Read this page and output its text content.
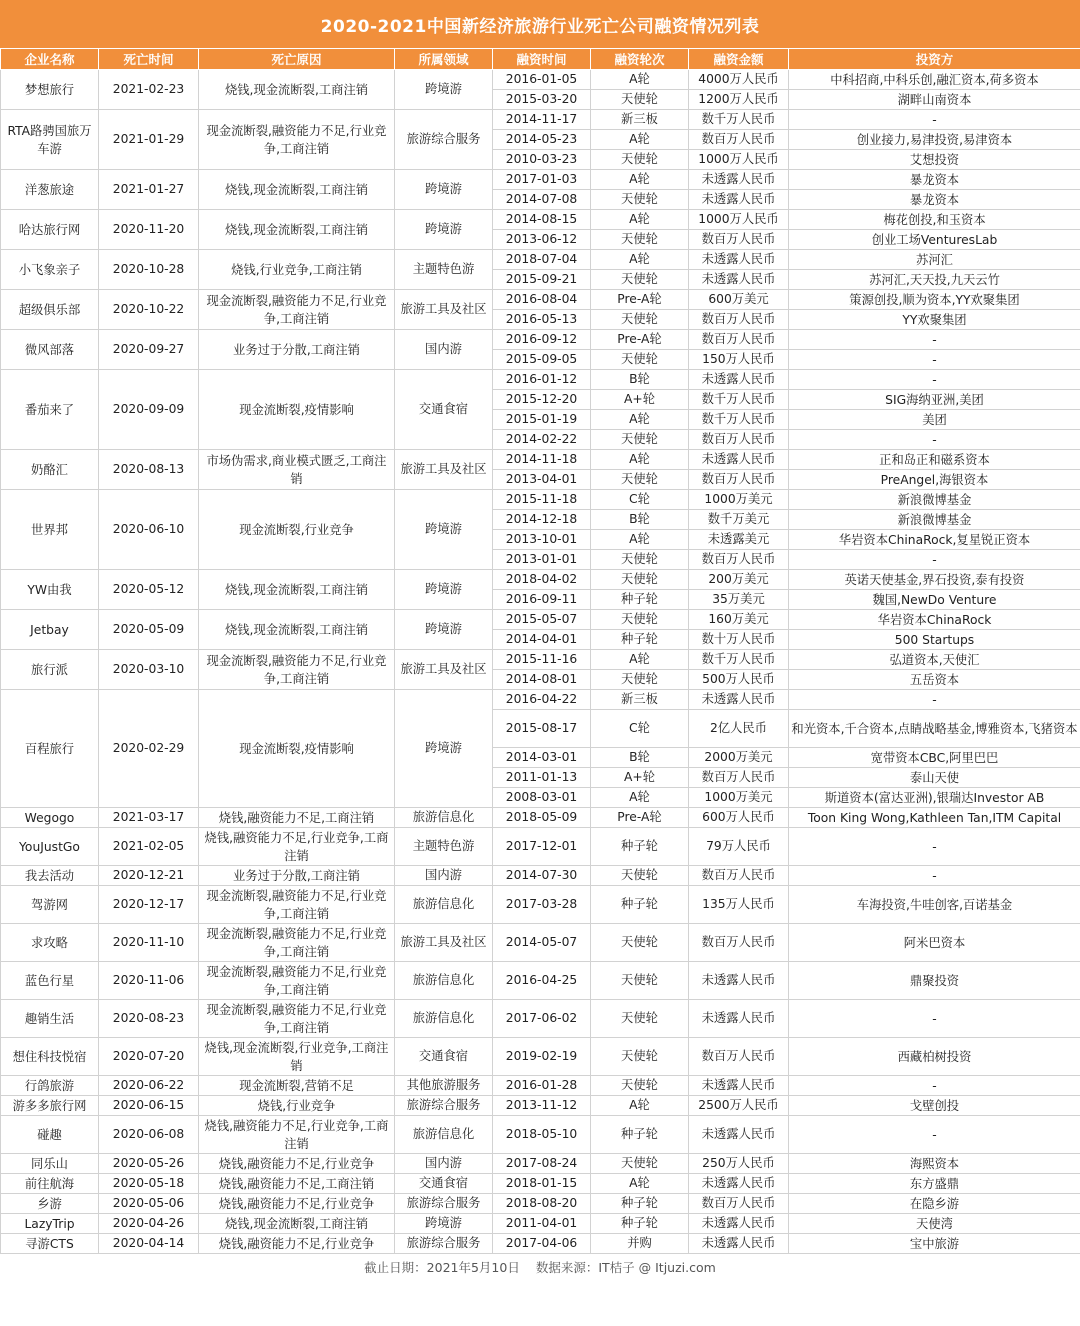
2020-2021中国新经济旅游行业死亡公司融资情况列表
企业名称	死亡时间	死亡原因	所属领域	融资时间	融资轮次	融资金额	投资方
梦想旅行	2021-02-23	烧钱,现金流断裂,工商注销	跨境游	2016-01-05	A轮	4000万人民币	中科招商,中科乐创,融汇资本,荷多资本
				2015-03-20	天使轮	1200万人民币	湖畔山南资本
RTA路骋国旅万车游	2021-01-29	现金流断裂,融资能力不足,行业竞争,工商注销	旅游综合服务	2014-11-17	新三板	数千万人民币	-
				2014-05-23	A轮	数百万人民币	创业接力,易津投资,易津资本
				2010-03-23	天使轮	1000万人民币	艾想投资
洋葱旅途	2021-01-27	烧钱,现金流断裂,工商注销	跨境游	2017-01-03	A轮	未透露人民币	暴龙资本
				2014-07-08	天使轮	未透露人民币	暴龙资本
哈达旅行网	2020-11-20	烧钱,现金流断裂,工商注销	跨境游	2014-08-15	A轮	1000万人民币	梅花创投,和玉资本
				2013-06-12	天使轮	数百万人民币	创业工场VenturesLab
小飞象亲子	2020-10-28	烧钱,行业竞争,工商注销	主题特色游	2018-07-04	A轮	未透露人民币	苏河汇
				2015-09-21	天使轮	未透露人民币	苏河汇,天天投,九天云竹
超级俱乐部	2020-10-22	现金流断裂,融资能力不足,行业竞争,工商注销	旅游工具及社区	2016-08-04	Pre-A轮	600万美元	策源创投,顺为资本,YY欢聚集团
				2016-05-13	天使轮	数百万人民币	YY欢聚集团
微风部落	2020-09-27	业务过于分散,工商注销	国内游	2016-09-12	Pre-A轮	数百万人民币	-
				2015-09-05	天使轮	150万人民币	-
番茄来了	2020-09-09	现金流断裂,疫情影响	交通食宿	2016-01-12	B轮	未透露人民币	-
				2015-12-20	A+轮	数千万人民币	SIG海纳亚洲,美团
				2015-01-19	A轮	数千万人民币	美团
				2014-02-22	天使轮	数百万人民币	-
奶酪汇	2020-08-13	市场伪需求,商业模式匮乏,工商注销	旅游工具及社区	2014-11-18	A轮	未透露人民币	正和岛正和磁系资本
				2013-04-01	天使轮	数百万人民币	PreAngel,海银资本
世界邦	2020-06-10	现金流断裂,行业竞争	跨境游	2015-11-18	C轮	1000万美元	新浪微博基金
				2014-12-18	B轮	数千万美元	新浪微博基金
				2013-10-01	A轮	未透露美元	华岩资本ChinaRock,复星锐正资本
				2013-01-01	天使轮	数百万人民币	-
YW由我	2020-05-12	烧钱,现金流断裂,工商注销	跨境游	2018-04-02	天使轮	200万美元	英诺天使基金,界石投资,泰有投资
				2016-09-11	种子轮	35万美元	魏国,NewDo Venture
Jetbay	2020-05-09	烧钱,现金流断裂,工商注销	跨境游	2015-05-07	天使轮	160万美元	华岩资本ChinaRock
				2014-04-01	种子轮	数十万人民币	500 Startups
旅行派	2020-03-10	现金流断裂,融资能力不足,行业竞争,工商注销	旅游工具及社区	2015-11-16	A轮	数千万人民币	弘道资本,天使汇
				2014-08-01	天使轮	500万人民币	五岳资本
百程旅行	2020-02-29	现金流断裂,疫情影响	跨境游	2016-04-22	新三板	未透露人民币	-
				2015-08-17	C轮	2亿人民币	和光资本,千合资本,点睛战略基金,博雅资本,飞猪资本
				2014-03-01	B轮	2000万美元	宽带资本CBC,阿里巴巴
				2011-01-13	A+轮	数百万人民币	泰山天使
				2008-03-01	A轮	1000万美元	斯道资本(富达亚洲),银瑞达Investor AB
Wegogo	2021-03-17	烧钱,融资能力不足,工商注销	旅游信息化	2018-05-09	Pre-A轮	600万人民币	Toon King Wong,Kathleen Tan,ITM Capital
YouJustGo	2021-02-05	烧钱,融资能力不足,行业竞争,工商注销	主题特色游	2017-12-01	种子轮	79万人民币	-
我去活动	2020-12-21	业务过于分散,工商注销	国内游	2014-07-30	天使轮	数百万人民币	-
驾游网	2020-12-17	现金流断裂,融资能力不足,行业竞争,工商注销	旅游信息化	2017-03-28	种子轮	135万人民币	车海投资,牛哇创客,百诺基金
求攻略	2020-11-10	现金流断裂,融资能力不足,行业竞争,工商注销	旅游工具及社区	2014-05-07	天使轮	数百万人民币	阿米巴资本
蓝色行星	2020-11-06	现金流断裂,融资能力不足,行业竞争,工商注销	旅游信息化	2016-04-25	天使轮	未透露人民币	鼎聚投资
趣销生活	2020-08-23	现金流断裂,融资能力不足,行业竞争,工商注销	旅游信息化	2017-06-02	天使轮	未透露人民币	-
想住科技悦宿	2020-07-20	烧钱,现金流断裂,行业竞争,工商注销	交通食宿	2019-02-19	天使轮	数百万人民币	西藏柏树投资
行鸽旅游	2020-06-22	现金流断裂,营销不足	其他旅游服务	2016-01-28	天使轮	未透露人民币	-
游多多旅行网	2020-06-15	烧钱,行业竞争	旅游综合服务	2013-11-12	A轮	2500万人民币	戈壁创投
碰趣	2020-06-08	烧钱,融资能力不足,行业竞争,工商注销	旅游信息化	2018-05-10	种子轮	未透露人民币	-
同乐山	2020-05-26	烧钱,融资能力不足,行业竞争	国内游	2017-08-24	天使轮	250万人民币	海熙资本
前往航海	2020-05-18	烧钱,融资能力不足,工商注销	交通食宿	2018-01-15	A轮	未透露人民币	东方盛鼎
乡游	2020-05-06	烧钱,融资能力不足,行业竞争	旅游综合服务	2018-08-20	种子轮	数百万人民币	在隐乡游
LazyTrip	2020-04-26	烧钱,现金流断裂,工商注销	跨境游	2011-04-01	种子轮	未透露人民币	天使湾
寻游CTS	2020-04-14	烧钱,融资能力不足,行业竞争	旅游综合服务	2017-04-06	并购	未透露人民币	宝中旅游
截止日期：2021年5月10日 数据来源：IT桔子 @ Itjuzi.com
